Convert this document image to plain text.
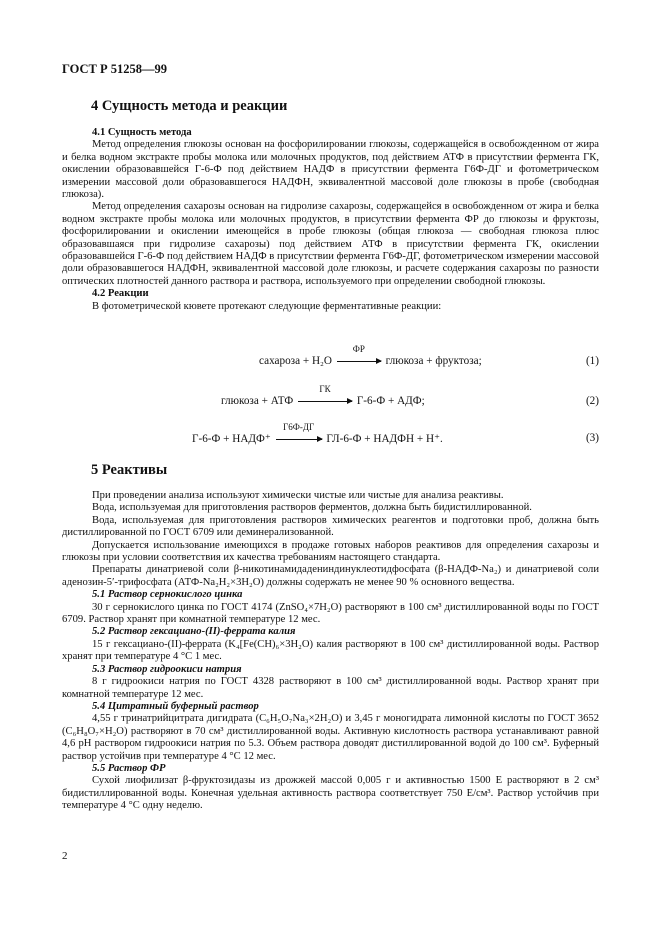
ГОСТ Р 51258—99
4 Сущность метода и реакции

4.1 Сущность метода

Метод определения глюкозы основан на фосфорилировании глюкозы, содержащейся в освобожденном от жира и белка водном экстракте пробы молока или молочных продуктов, под действием АТФ в присутствии фермента ГК, окислении образовавшейся Г-6-Ф под действием НАДФ в присутствии фермента Г6Ф-ДГ и фотометрическом измерении массовой доли образовавшегося НАДФН, эквивалентной массовой доле глюкозы в пробе (свободная глюкоза).

Метод определения сахарозы основан на гидролизе сахарозы, содержащейся в освобожденном от жира и белка водном экстракте пробы молока или молочных продуктов, в присутствии фермента ФР до глюкозы и фруктозы, фосфорилировании и окислении имеющейся в пробе глюкозы (общая глюкоза — свободная глюкоза плюс образовавшаяся при гидролизе сахарозы) под действием АТФ в присутствии фермента ГК, окислении образовавшейся Г-6-Ф под действием НАДФ в присутствии фермента Г6Ф-ДГ, фотометрическом измерении массовой доли образовавшегося НАДФН, эквивалентной массовой доле глюкозы, и расчете содержания сахарозы по разности оптических плотностей данного раствора и раствора, используемого при определении свободной глюкозы.

4.2 Реакции

В фотометрической кювете протекают следующие ферментативные реакции:

сахароза + H₂O
ФР
глюкоза + фруктоза;	(1)
глюкоза + АТФ
ГК
Г-6-Ф + АДФ;	(2)
Г-6-Ф + НАДФ⁺
Г6Ф-ДГ
ГЛ-6-Ф + НАДФН + Н⁺.	(3)
5 Реактивы

При проведении анализа используют химически чистые или чистые для анализа реактивы.

Вода, используемая для приготовления растворов ферментов, должна быть бидистиллированной.

Вода, используемая для приготовления растворов химических реагентов и подготовки проб, должна быть дистиллированной по ГОСТ 6709 или деминерализованной.

Допускается использование имеющихся в продаже готовых наборов реактивов для определения сахарозы и глюкозы при условии соответствия их качества требованиям настоящего стандарта.

Препараты динатриевой соли β-никотинамидадениндинуклеотидфосфата (β-НАДФ-Na₂) и динатриевой соли аденозин-5′-трифосфата (АТФ-Na₂H₂×3H₂O) должны содержать не менее 90 % основного вещества.

5.1 Раствор сернокислого цинка

30 г сернокислого цинка по ГОСТ 4174 (ZnSO₄×7H₂O) растворяют в 100 см³ дистиллированной воды по ГОСТ 6709. Раствор хранят при комнатной температуре 12 мес.

5.2 Раствор гексациано-(II)-феррата калия

15 г гексациано-(II)-феррата (K₄[Fe(CH)₆×3H₂O) калия растворяют в 100 см³ дистиллированной воды. Раствор хранят при температуре 4 °С 1 мес.

5.3 Раствор гидроокиси натрия

8 г гидроокиси натрия по ГОСТ 4328 растворяют в 100 см³ дистиллированной воды. Раствор хранят при комнатной температуре 12 мес.

5.4 Цитратный буферный раствор

4,55 г тринатрийцитрата дигидрата (C₆H₅O₇Na₃×2H₂O) и 3,45 г моногидрата лимонной кислоты по ГОСТ 3652 (C₆H₈O₇×H₂O) растворяют в 70 см³ дистиллированной воды. Активную кислотность раствора устанавливают равной 4,6 pH раствором гидроокиси натрия по 5.3. Объем раствора доводят дистиллированной водой до 100 см³. Буферный раствор устойчив при температуре 4 °С 12 мес.

5.5 Раствор ФР

Сухой лиофилизат β-фруктозидазы из дрожжей массой 0,005 г и активностью 1500 Е растворяют в 2 см³ бидистиллированной воды. Конечная удельная активность раствора соответствует 750 Е/см³. Раствор устойчив при температуре 4 °С одну неделю.

2
